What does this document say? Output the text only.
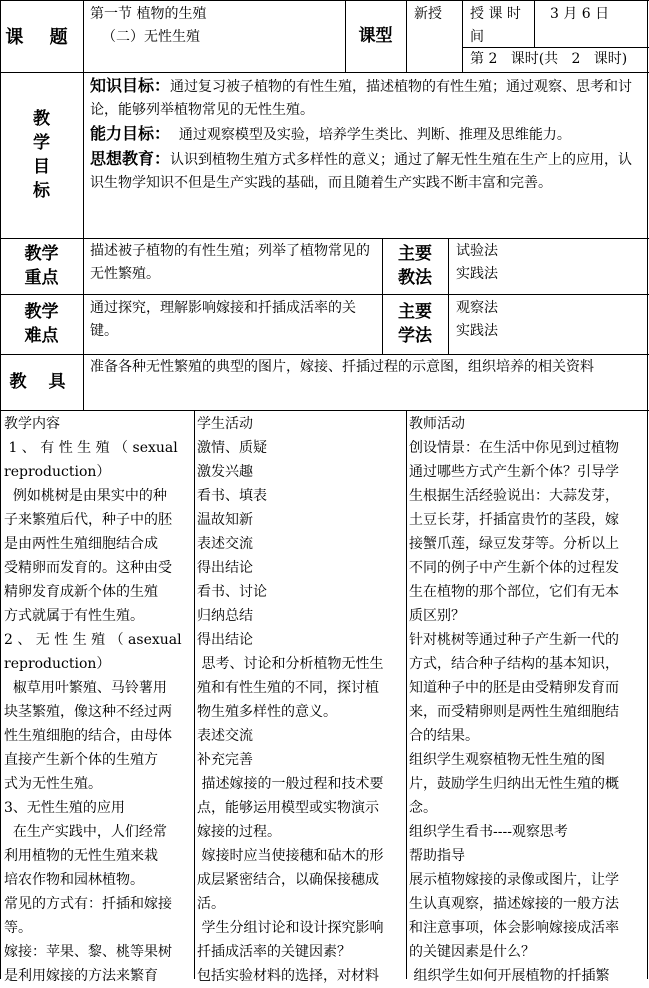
课 题
第一节 植物的生殖
（二）无性生殖	课型
新授 授 课 时
间
3 月 6 日
第 2   课时(共   2   课时)
教
学
目
标
知识目标：通过复习被子植物的有性生殖，描述植物的有性生殖；通过观察、思考和讨论，能够列举植物常见的无性生殖。
能力目标：  通过观察模型及实验，培养学生类比、判断、推理及思维能力。
思想教育：认识到植物生殖方式多样性的意义；通过了解无性生殖在生产上的应用，认识生物学知识不但是生产实践的基础，而且随着生产实践不断丰富和完善。
教学
重点
描述被子植物的有性生殖；列举了植物常见的无性繁殖。
主要
教法
试验法
实践法
教学
难点
通过探究，理解影响嫁接和扦插成活率的关键。
主要
学法
观察法
实践法
教 具
准备各种无性繁殖的典型的图片，嫁接、扦插过程的示意图，组织培养的相关资料

教学内容

1 、 有 性 生 殖 （ sexual

reproduction）

例如桃树是由果实中的种

子来繁殖后代，种子中的胚

是由两性生殖细胞结合成

受精卵而发育的。这种由受

精卵发育成新个体的生殖

方式就属于有性生殖。

2 、 无 性 生 殖 （ asexual

reproduction）

椒草用叶繁殖、马铃薯用

块茎繁殖，像这种不经过两

性生殖细胞的结合，由母体

直接产生新个体的生殖方

式为无性生殖。

3、无性生殖的应用

在生产实践中，人们经常

利用植物的无性生殖来栽

培农作物和园林植物。

常见的方式有：扦插和嫁接

等。

嫁接：苹果、黎、桃等果树

是利用嫁接的方法来繁育

学生活动

激情、质疑

激发兴趣

看书、填表

温故知新

表述交流

得出结论

看书、讨论

归纳总结

得出结论

思考、讨论和分析植物无性生

殖和有性生殖的不同，探讨植

物生殖多样性的意义。

表述交流

补充完善

描述嫁接的一般过程和技术要

点，能够运用模型或实物演示

嫁接的过程。

嫁接时应当使接穗和砧木的形

成层紧密结合，以确保接穗成

活。

学生分组讨论和设计探究影响

扦插成活率的关键因素？

包括实验材料的选择，对材料

教师活动

创设情景：在生活中你见到过植物

通过哪些方式产生新个体？引导学

生根据生活经验说出：大蒜发芽，

土豆长芽，扦插富贵竹的茎段，嫁

接蟹爪莲，绿豆发芽等。分析以上

不同的例子中产生新个体的过程发

生在植物的那个部位，它们有无本

质区别？

针对桃树等通过种子产生新一代的

方式，结合种子结构的基本知识，

知道种子中的胚是由受精卵发育而

来，而受精卵则是两性生殖细胞结

合的结果。

组织学生观察植物无性生殖的图

片，鼓励学生归纳出无性生殖的概

念。

组织学生看书----观察思考

帮助指导

展示植物嫁接的录像或图片，让学

生认真观察，描述嫁接的一般方法

和注意事项，体会影响嫁接成活率

的关键因素是什么？

组织学生如何开展植物的扦插繁
